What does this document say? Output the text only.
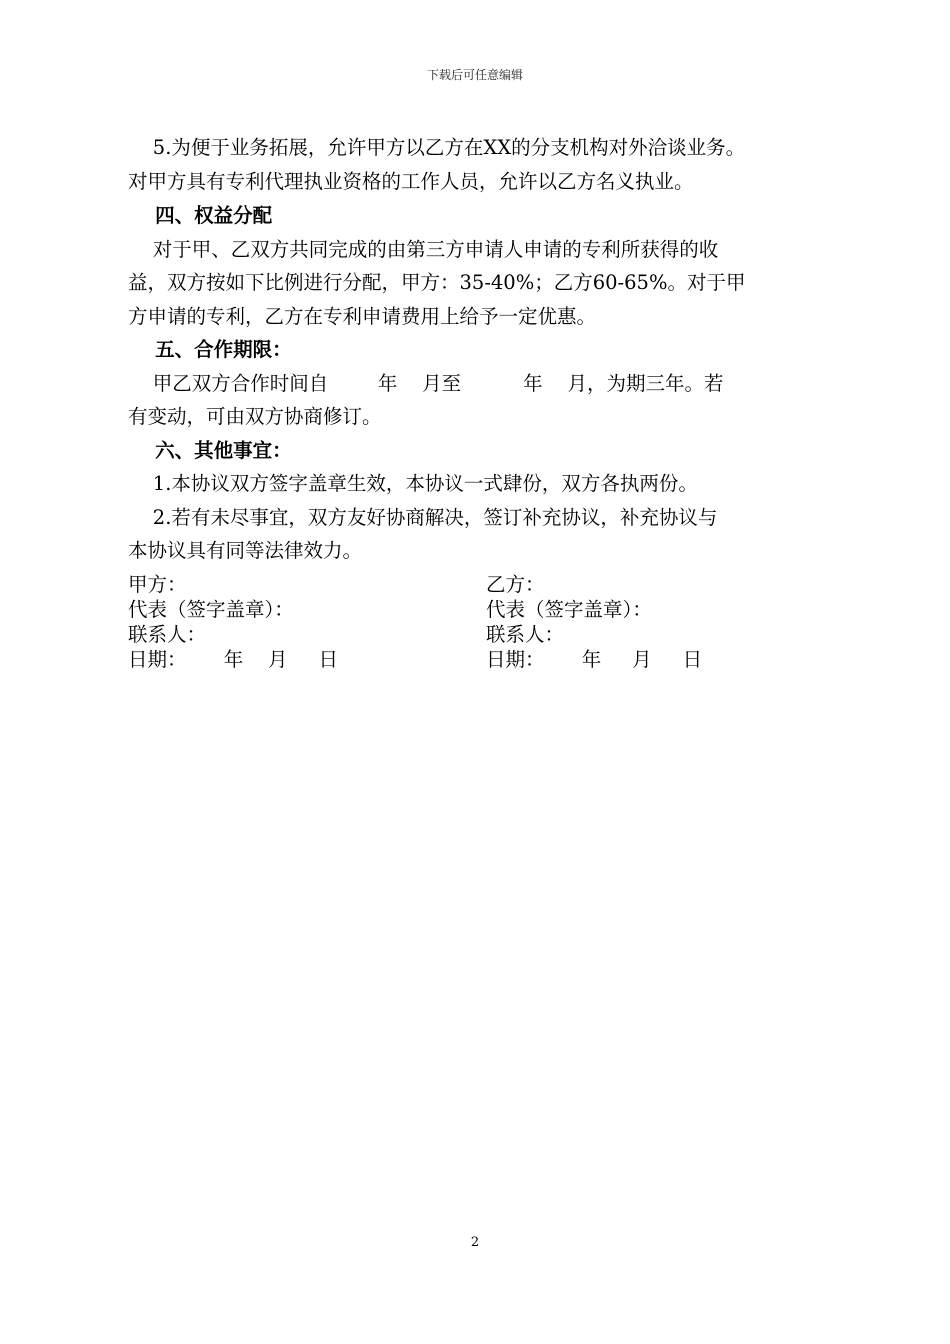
下载后可任意编辑
5.为便于业务拓展，允许甲方以乙方在XX的分支机构对外洽谈业务。
对甲方具有专利代理执业资格的工作人员，允许以乙方名义执业。
四、权益分配
对于甲、乙双方共同完成的由第三方申请人申请的专利所获得的收
益，双方按如下比例进行分配，甲方：35-40%；乙方60-65%。对于甲
方申请的专利，乙方在专利申请费用上给予一定优惠。
五、合作期限：
甲乙双方合作时间自        年    月至          年    月，为期三年。若
有变动，可由双方协商修订。
六、其他事宜：
1.本协议双方签字盖章生效，本协议一式肆份，双方各执两份。
2.若有未尽事宜，双方友好协商解决，签订补充协议，补充协议与
本协议具有同等法律效力。
甲方：
代表（签字盖章）：
联系人：
日期：      年    月     日
乙方：
代表（签字盖章）：
联系人：
日期：      年     月     日
2
